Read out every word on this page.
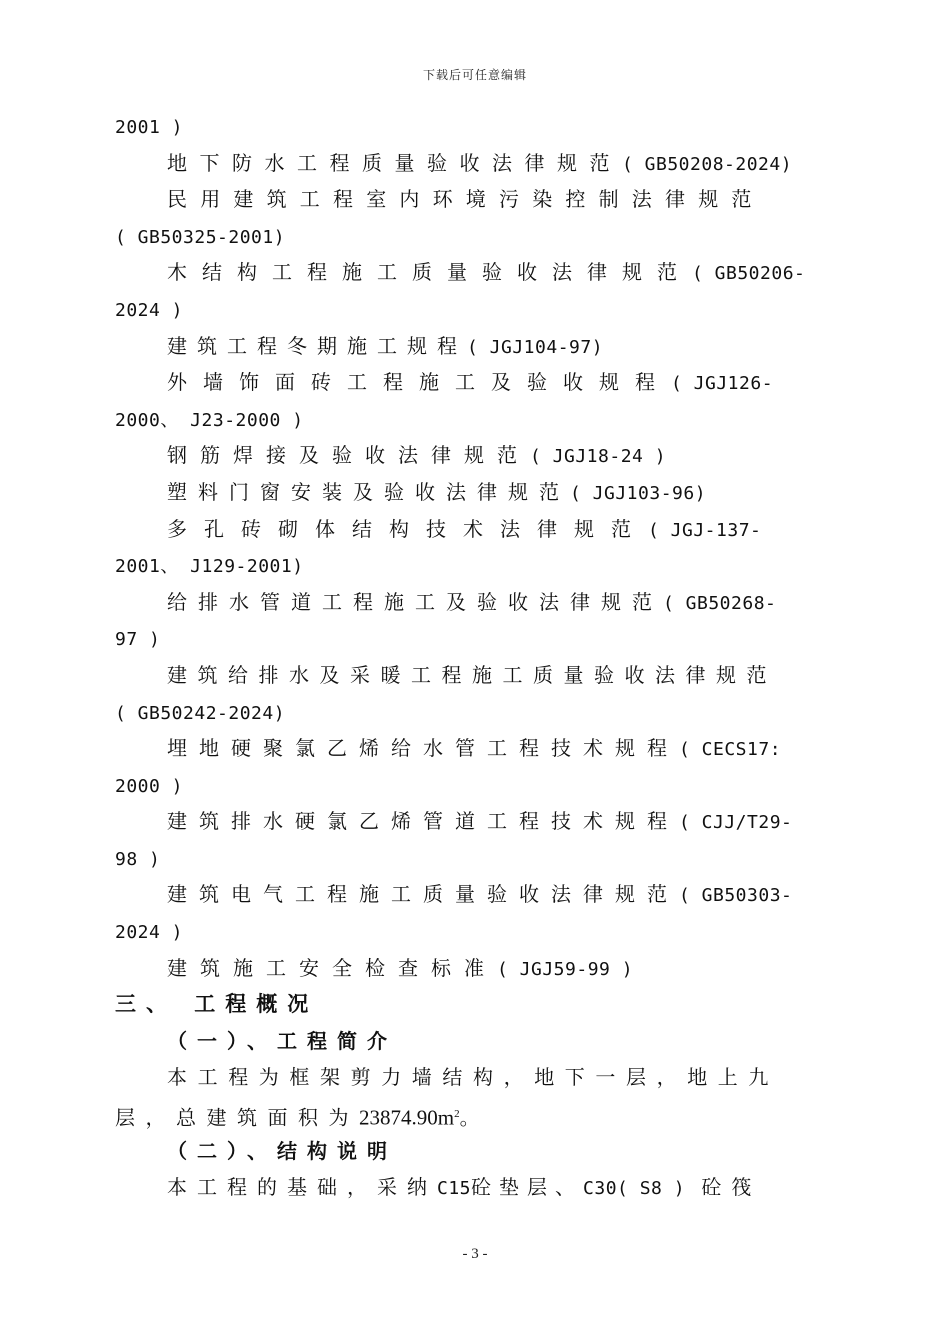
下载后可任意编辑
2001 )
地下防水工程质量验收法律规范( GB50208-2024)
民用建筑工程室内环境污染控制法律规范
( GB50325-2001)
木结构工程施工质量验收法律规范( GB50206-
2024 )
建筑工程冬期施工规程( JGJ104-97)
外墙饰面砖工程施工及验收规程( JGJ126-
2000、 J23-2000 )
钢筋焊接及验收法律规范( JGJ18-24 )
塑料门窗安装及验收法律规范( JGJ103-96)
多孔砖砌体结构技术法律规范( JGJ-137-
2001、 J129-2001)
给排水管道工程施工及验收法律规范( GB50268-
97 )
建筑给排水及采暖工程施工质量验收法律规范
( GB50242-2024)
埋地硬聚氯乙烯给水管工程技术规程( CECS17:
2000 )
建筑排水硬氯乙烯管道工程技术规程( CJJ/T29-
98 )
建筑电气工程施工质量验收法律规范( GB50303-
2024 )
建筑施工安全检查标准( JGJ59-99 )
三、 工程概况
（一）、工程简介
本工程为框架剪力墙结构，地下一层，地上九
层，总建筑面积为$23874.90m^2$。
（二）、结构说明
本工程的基础，采纳C15砼垫层、C30( S8 ) 砼筏
- 3 -
